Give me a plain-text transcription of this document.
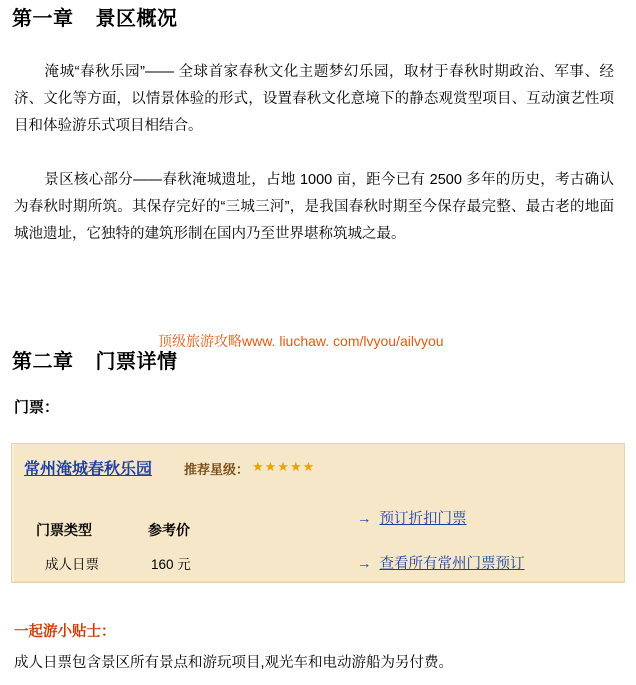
第一章 景区概况

淹城“春秋乐园”—— 全球首家春秋文化主题梦幻乐园，取材于春秋时期政治、军事、经济、文化等方面，以情景体验的形式，设置春秋文化意境下的静态观赏型项目、互动演艺性项目和体验游乐式项目相结合。

景区核心部分——春秋淹城遗址，占地 1000 亩，距今已有 2500 多年的历史，考古确认为春秋时期所筑。其保存完好的“三城三河”，是我国春秋时期至今保存最完整、最古老的地面城池遗址，它独特的建筑形制在国内乃至世界堪称筑城之最。

顶级旅游攻略www. liuchaw. com/lvyou/ailvyou
第二章 门票详情
门票：
常州淹城春秋乐园 推荐星级： ★★★★★
门票类型	参考价
成人日票	160 元
→ 预订折扣门票
→ 查看所有常州门票预订
一起游小贴士：
成人日票包含景区所有景点和游玩项目,观光车和电动游船为另付费。
